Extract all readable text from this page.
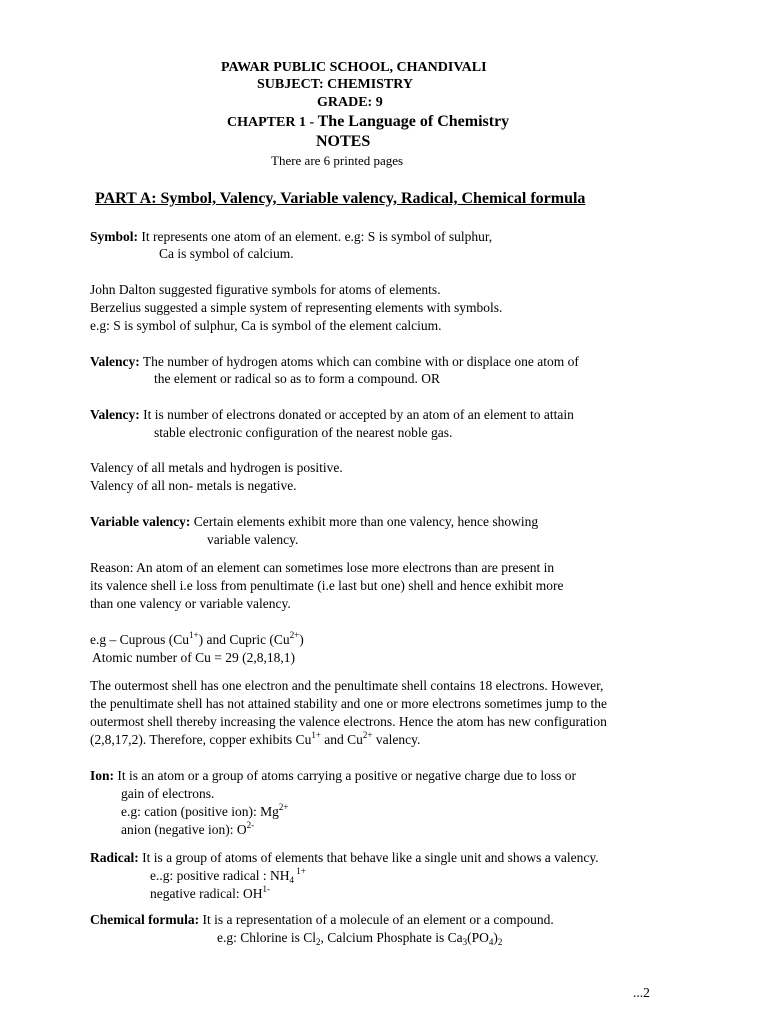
PAWAR PUBLIC SCHOOL, CHANDIVALI
SUBJECT: CHEMISTRY
GRADE: 9
CHAPTER 1 - The Language of Chemistry
NOTES
There are 6 printed pages
PART A: Symbol, Valency, Variable valency, Radical, Chemical formula
Symbol: It represents one atom of an element. e.g: S is symbol of sulphur,
Ca is symbol of calcium.
John Dalton suggested figurative symbols for atoms of elements.
Berzelius suggested a simple system of representing elements with symbols.
e.g: S is symbol of sulphur, Ca is symbol of the element calcium.
Valency: The number of hydrogen atoms which can combine with or displace one atom of
the element or radical so as to form a compound. OR
Valency: It is number of electrons donated or accepted by an atom of an element to attain
stable electronic configuration of the nearest noble gas.
Valency of all metals and hydrogen is positive.
Valency of all non- metals is negative.
Variable valency: Certain elements exhibit more than one valency, hence showing
variable valency.
Reason: An atom of an element can sometimes lose more electrons than are present in
its valence shell i.e loss from penultimate (i.e last but one) shell and hence exhibit more
than one valency or variable valency.
e.g – Cuprous $(Cu^{1+})$ and Cupric $(Cu^{2+})$
Atomic number of Cu = 29 (2,8,18,1)
The outermost shell has one electron and the penultimate shell contains 18 electrons. However,
the penultimate shell has not attained stability and one or more electrons sometimes jump to the
outermost shell thereby increasing the valence electrons. Hence the atom has new configuration
(2,8,17,2). Therefore, copper exhibits $Cu^{1+}$ and $Cu^{2+}$ valency.
Ion: It is an atom or a group of atoms carrying a positive or negative charge due to loss or
gain of electrons.
e.g: cation (positive ion): $Mg^{2+}$
anion (negative ion): $O^{2-}$
Radical: It is a group of atoms of elements that behave like a single unit and shows a valency.
e..g: positive radical : $NH_4$ $^{1+}$
negative radical: $OH^{1-}$
Chemical formula: It is a representation of a molecule of an element or a compound.
e.g: Chlorine is $Cl_2$, Calcium Phosphate is $Ca_3(PO_4)_2$
...2
